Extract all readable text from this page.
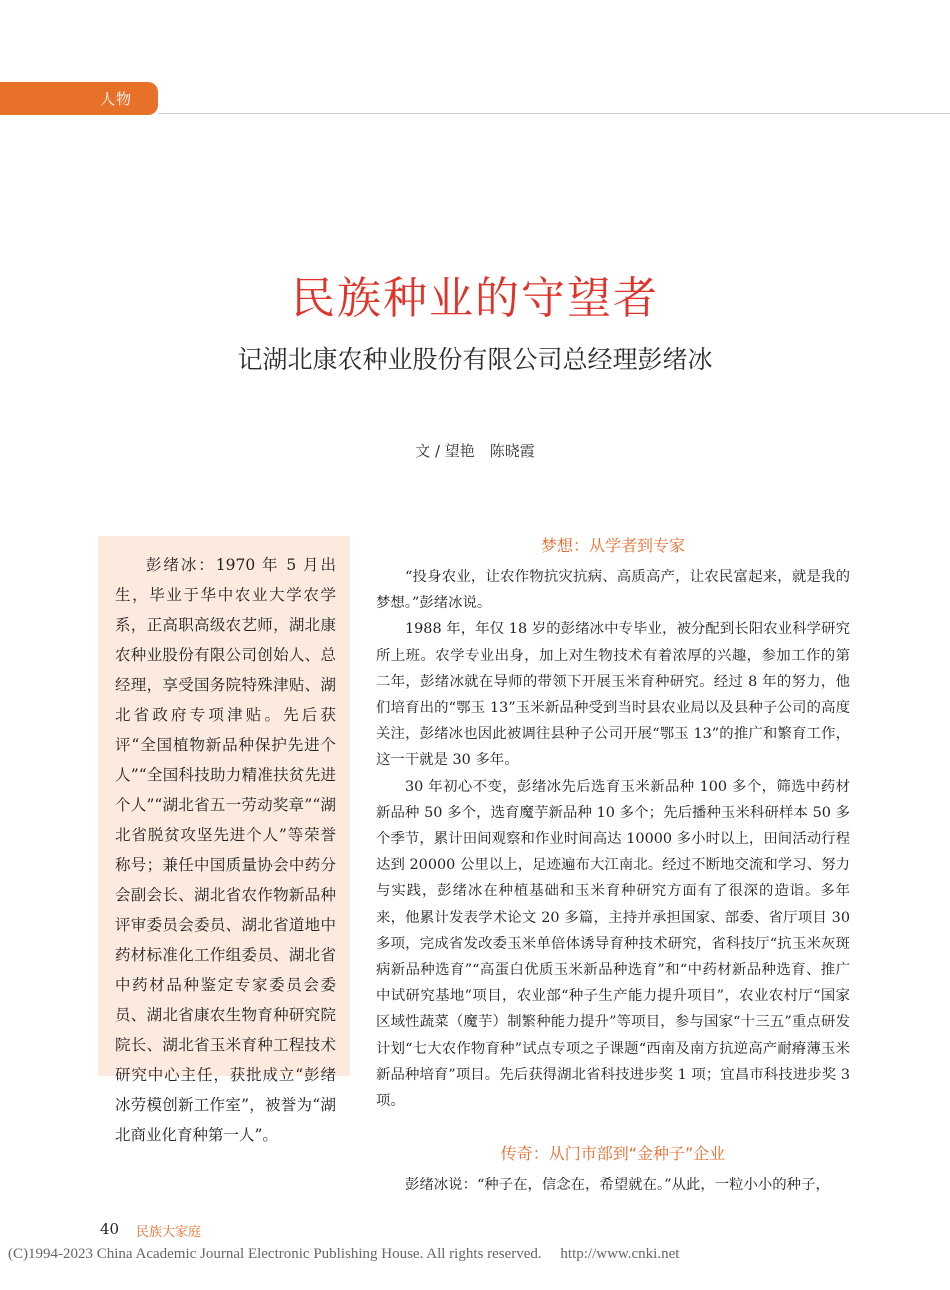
人物
民族种业的守望者
记湖北康农种业股份有限公司总经理彭绪冰
文 / 望艳　陈晓霞

彭绪冰：1970 年 5 月出生，毕业于华中农业大学农学系，正高职高级农艺师，湖北康农种业股份有限公司创始人、总经理，享受国务院特殊津贴、湖北省政府专项津贴。先后获评“全国植物新品种保护先进个人”“全国科技助力精准扶贫先进个人”“湖北省五一劳动奖章”“湖北省脱贫攻坚先进个人”等荣誉称号；兼任中国质量协会中药分会副会长、湖北省农作物新品种评审委员会委员、湖北省道地中药材标准化工作组委员、湖北省中药材品种鉴定专家委员会委员、湖北省康农生物育种研究院院长、湖北省玉米育种工程技术研究中心主任，获批成立“彭绪冰劳模创新工作室”，被誉为“湖北商业化育种第一人”。

梦想：从学者到专家

“投身农业，让农作物抗灾抗病、高质高产，让农民富起来，就是我的梦想。”彭绪冰说。

1988 年，年仅 18 岁的彭绪冰中专毕业，被分配到长阳农业科学研究所上班。农学专业出身，加上对生物技术有着浓厚的兴趣，参加工作的第二年，彭绪冰就在导师的带领下开展玉米育种研究。经过 8 年的努力，他们培育出的“鄂玉 13”玉米新品种受到当时县农业局以及县种子公司的高度关注，彭绪冰也因此被调往县种子公司开展“鄂玉 13”的推广和繁育工作，这一干就是 30 多年。

30 年初心不变，彭绪冰先后选育玉米新品种 100 多个，筛选中药材新品种 50 多个，选育魔芋新品种 10 多个；先后播种玉米科研样本 50 多个季节，累计田间观察和作业时间高达 10000 多小时以上，田间活动行程达到 20000 公里以上，足迹遍布大江南北。经过不断地交流和学习、努力与实践，彭绪冰在种植基础和玉米育种研究方面有了很深的造诣。多年来，他累计发表学术论文 20 多篇，主持并承担国家、部委、省厅项目 30 多项，完成省发改委玉米单倍体诱导育种技术研究，省科技厅“抗玉米灰斑病新品种选育”“高蛋白优质玉米新品种选育”和“中药材新品种选育、推广中试研究基地”项目，农业部“种子生产能力提升项目”，农业农村厅“国家区域性蔬菜（魔芋）制繁种能力提升”等项目，参与国家“十三五”重点研发计划“七大农作物育种”试点专项之子课题“西南及南方抗逆高产耐瘠薄玉米新品种培育”项目。先后获得湖北省科技进步奖 1 项；宜昌市科技进步奖 3 项。

传奇：从门市部到“金种子”企业

彭绪冰说：“种子在，信念在，希望就在。”从此，一粒小小的种子，

40 民族大家庭
(C)1994-2023 China Academic Journal Electronic Publishing House. All rights reserved.　 http://www.cnki.net
